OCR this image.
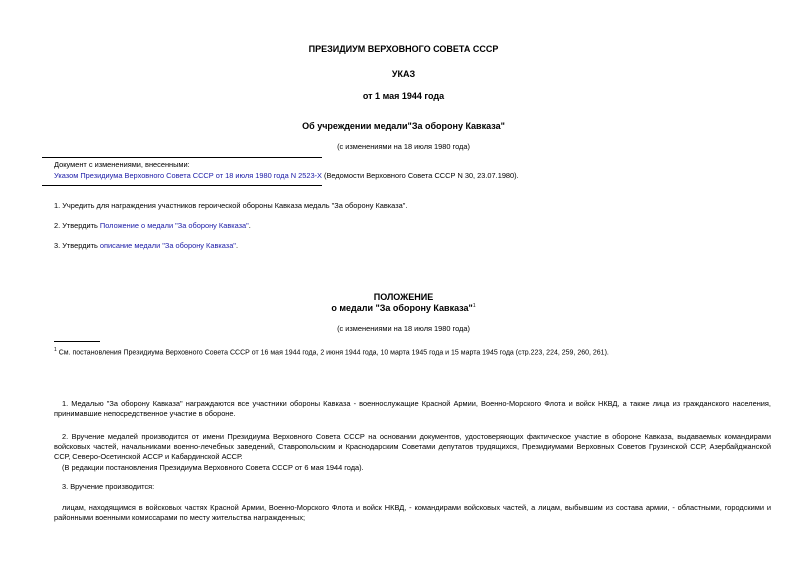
ПРЕЗИДИУМ ВЕРХОВНОГО СОВЕТА СССР
УКАЗ
от 1 мая 1944 года
Об учреждении медали"За оборону Кавказа"
(с изменениями на 18 июля 1980 года)
Документ с изменениями, внесенными:
Указом Президиума Верховного Совета СССР от 18 июля 1980 года N 2523-X (Ведомости Верховного Совета СССР N 30, 23.07.1980).
1. Учредить для награждения участников героической обороны Кавказа медаль "За оборону Кавказа".
2. Утвердить Положение о медали "За оборону Кавказа".
3. Утвердить описание медали "За оборону Кавказа".
ПОЛОЖЕНИЕ
о медали "За оборону Кавказа"$^1$
(с изменениями на 18 июля 1980 года)
$^1$ См. постановления Президиума Верховного Совета СССР от 16 мая 1944 года, 2 июня 1944 года, 10 марта 1945 года и 15 марта 1945 года (стр.223, 224, 259, 260, 261).
1. Медалью "За оборону Кавказа" награждаются все участники обороны Кавказа - военнослужащие Красной Армии, Военно-Морского Флота и войск НКВД, а также лица из гражданского населения, принимавшие непосредственное участие в обороне.
2. Вручение медалей производится от имени Президиума Верховного Совета СССР на основании документов, удостоверяющих фактическое участие в обороне Кавказа, выдаваемых командирами войсковых частей, начальниками военно-лечебных заведений, Ставропольским и Краснодарским Советами депутатов трудящихся, Президиумами Верховных Советов Грузинской ССР, Азербайджанской ССР, Северо-Осетинской АССР и Кабардинской АССР.
(В редакции постановления Президиума Верховного Совета СССР от 6 мая 1944 года).
3. Вручение производится:
лицам, находящимся в войсковых частях Красной Армии, Военно-Морского Флота и войск НКВД, - командирами войсковых частей, а лицам, выбывшим из состава армии, - областными, городскими и районными военными комиссарами по месту жительства награжденных;
